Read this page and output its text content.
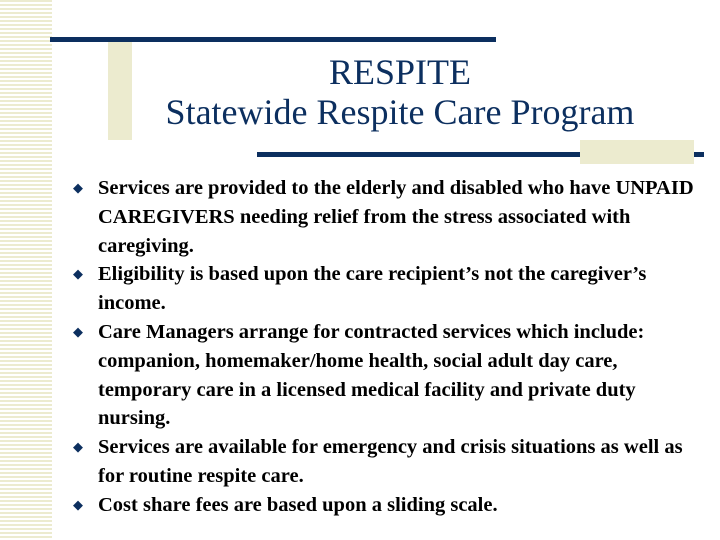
RESPITE
Statewide Respite Care Program
◆ Services are provided to the elderly and disabled who have UNPAID CAREGIVERS needing relief from the stress associated with caregiving.
◆ Eligibility is based upon the care recipient’s not the caregiver’s income.
◆ Care Managers arrange for contracted services which include: companion, homemaker/home health, social adult day care, temporary care in a licensed medical facility and private duty nursing.
◆ Services are available for emergency and crisis situations as well as for routine respite care.
◆ Cost share fees are based upon a sliding scale.
